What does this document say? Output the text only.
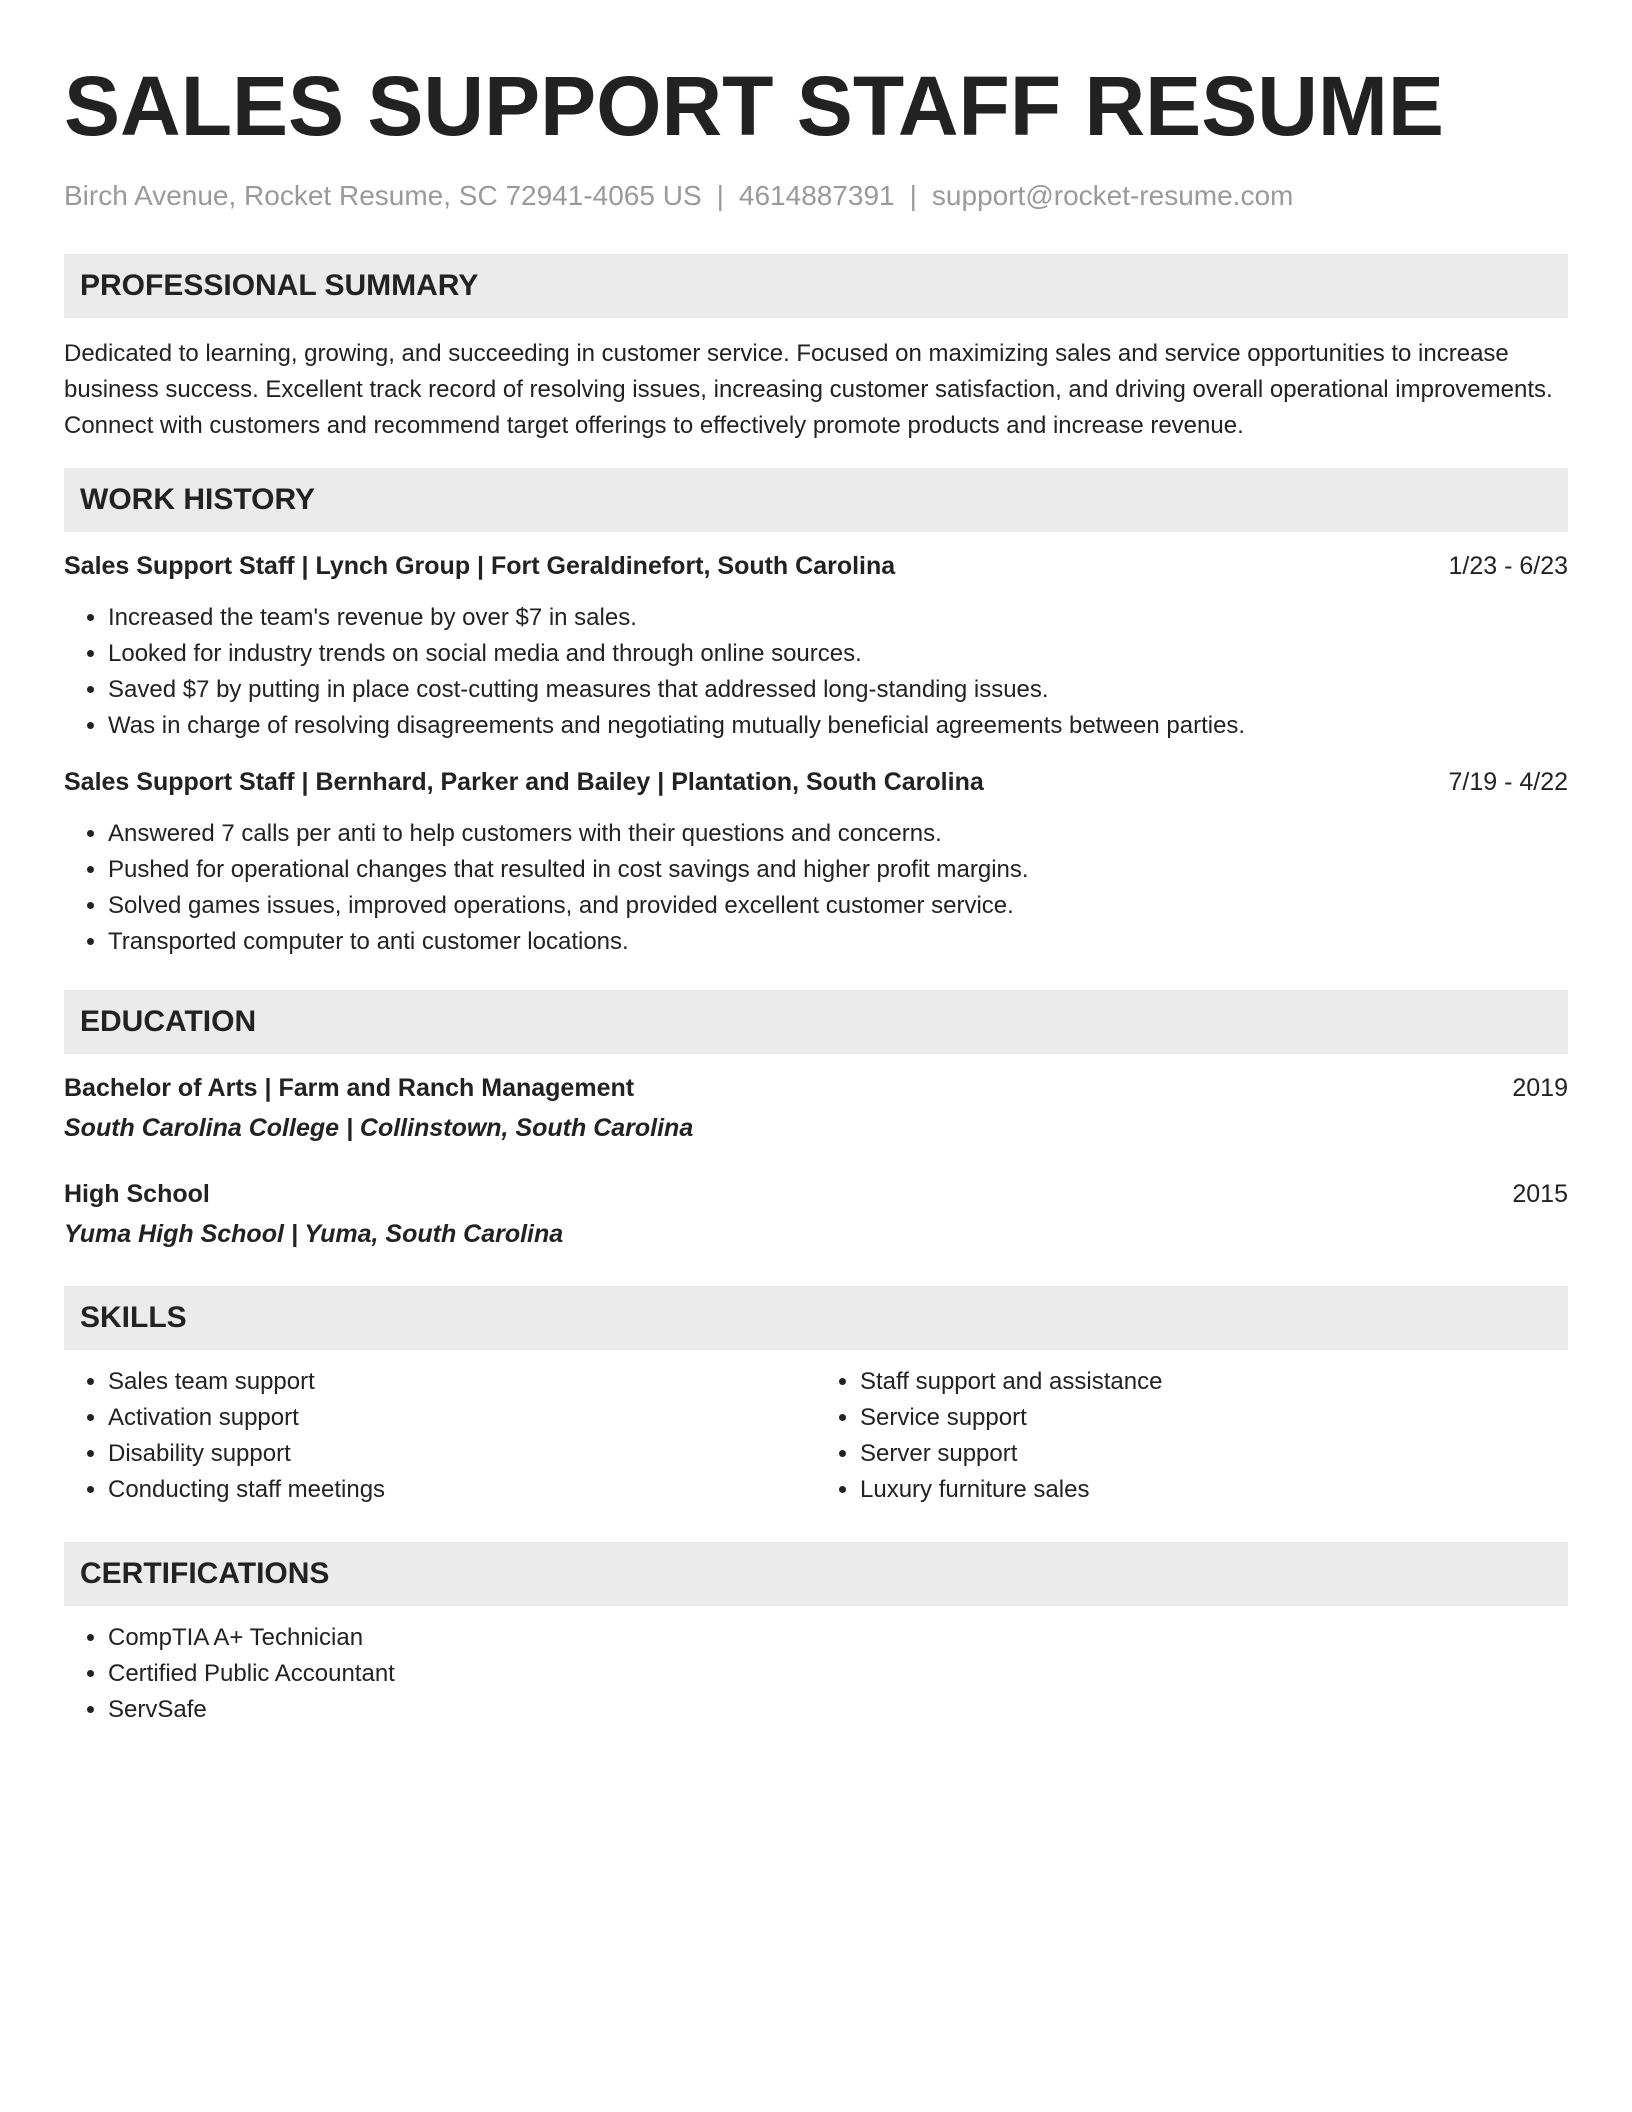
SALES SUPPORT STAFF RESUME
Birch Avenue, Rocket Resume, SC 72941-4065 US | 4614887391 | support@rocket-resume.com
PROFESSIONAL SUMMARY

Dedicated to learning, growing, and succeeding in customer service. Focused on maximizing sales and service opportunities to increase business success. Excellent track record of resolving issues, increasing customer satisfaction, and driving overall operational improvements. Connect with customers and recommend target offerings to effectively promote products and increase revenue.

WORK HISTORY
Sales Support Staff | Lynch Group | Fort Geraldinefort, South Carolina	1/23 - 6/23
• Increased the team's revenue by over $7 in sales.
• Looked for industry trends on social media and through online sources.
• Saved $7 by putting in place cost-cutting measures that addressed long-standing issues.
• Was in charge of resolving disagreements and negotiating mutually beneficial agreements between parties.
Sales Support Staff | Bernhard, Parker and Bailey | Plantation, South Carolina	7/19 - 4/22
• Answered 7 calls per anti to help customers with their questions and concerns.
• Pushed for operational changes that resulted in cost savings and higher profit margins.
• Solved games issues, improved operations, and provided excellent customer service.
• Transported computer to anti customer locations.
EDUCATION
Bachelor of Arts | Farm and Ranch Management	2019
South Carolina College | Collinstown, South Carolina
High School	2015
Yuma High School | Yuma, South Carolina
SKILLS
• Sales team support
• Activation support
• Disability support
• Conducting staff meetings
• Staff support and assistance
• Service support
• Server support
• Luxury furniture sales
CERTIFICATIONS
• CompTIA A+ Technician
• Certified Public Accountant
• ServSafe
